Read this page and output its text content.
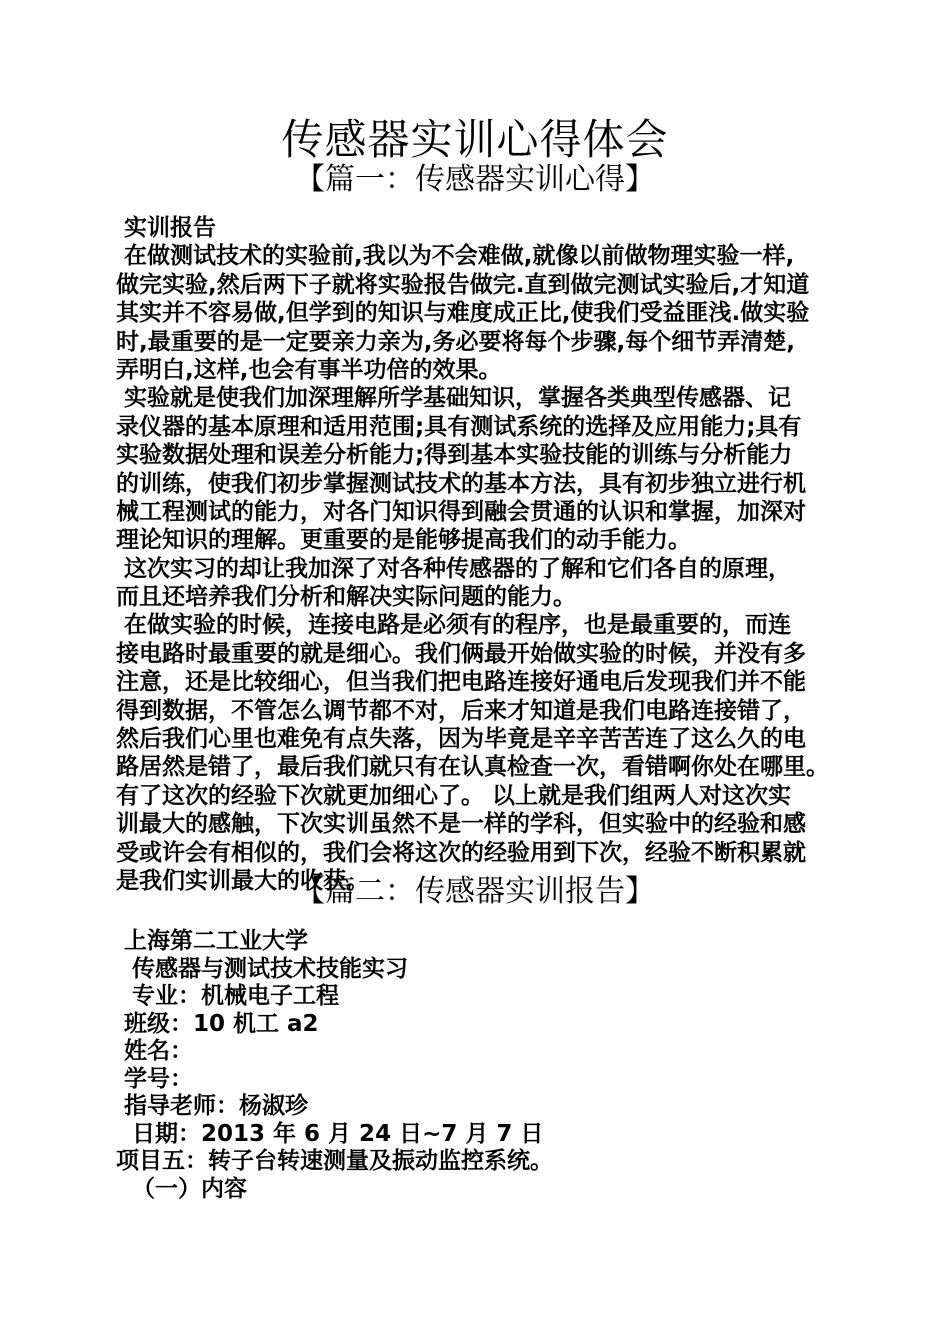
传感器实训心得体会
【篇一：传感器实训心得】
实训报告
在做测试技术的实验前,我以为不会难做,就像以前做物理实验一样,
做完实验,然后两下子就将实验报告做完.直到做完测试实验后,才知道
其实并不容易做,但学到的知识与难度成正比,使我们受益匪浅.做实验
时,最重要的是一定要亲力亲为,务必要将每个步骤,每个细节弄清楚,
弄明白,这样,也会有事半功倍的效果。
实验就是使我们加深理解所学基础知识，掌握各类典型传感器、记
录仪器的基本原理和适用范围;具有测试系统的选择及应用能力;具有
实验数据处理和误差分析能力;得到基本实验技能的训练与分析能力
的训练，使我们初步掌握测试技术的基本方法，具有初步独立进行机
械工程测试的能力，对各门知识得到融会贯通的认识和掌握，加深对
理论知识的理解。更重要的是能够提高我们的动手能力。
这次实习的却让我加深了对各种传感器的了解和它们各自的原理，
而且还培养我们分析和解决实际问题的能力。
在做实验的时候，连接电路是必须有的程序，也是最重要的，而连
接电路时最重要的就是细心。我们俩最开始做实验的时候，并没有多
注意，还是比较细心，但当我们把电路连接好通电后发现我们并不能
得到数据，不管怎么调节都不对，后来才知道是我们电路连接错了，
然后我们心里也难免有点失落，因为毕竟是辛辛苦苦连了这么久的电
路居然是错了，最后我们就只有在认真检查一次，看错啊你处在哪里。
有了这次的经验下次就更加细心了。 以上就是我们组两人对这次实
训最大的感触，下次实训虽然不是一样的学科，但实验中的经验和感
受或许会有相似的，我们会将这次的经验用到下次，经验不断积累就
是我们实训最大的收获。
【篇二：传感器实训报告】
上海第二工业大学
传感器与测试技术技能实习
专业：机械电子工程
班级：10 机工 a2
姓名：
学号：
指导老师：杨淑珍
日期：2013 年 6 月 24 日~7 月 7 日
项目五：转子台转速测量及振动监控系统。
（一）内容
